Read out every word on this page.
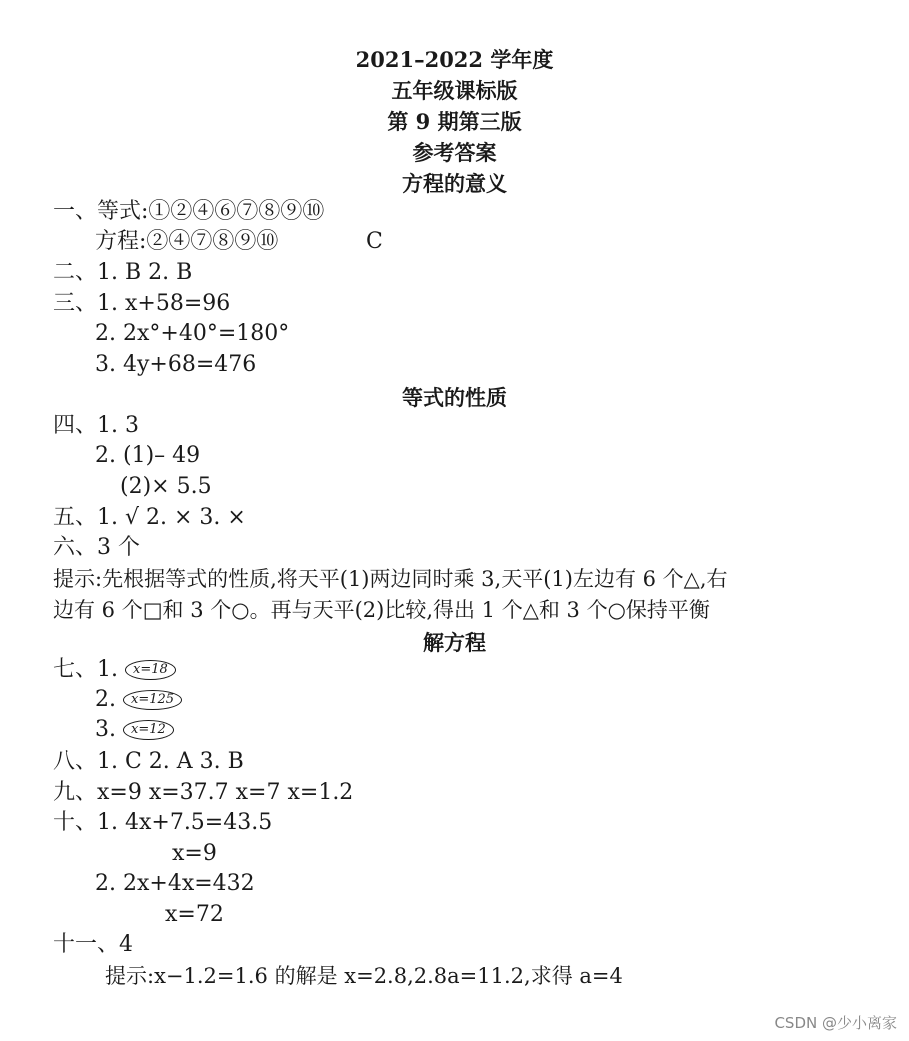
2021–2022 学年度
五年级课标版
第 9 期第三版
参考答案
方程的意义
一、等式:①②④⑥⑦⑧⑨⑩
方程:②④⑦⑧⑨⑩	C
二、1. B 2. B
三、1. x+58=96
2. 2x°+40°=180°
3. 4y+68=476
等式的性质
四、1. 3
2. (1)– 49
(2)× 5.5
五、1. √ 2. × 3. ×
六、3 个
提示:先根据等式的性质,将天平(1)两边同时乘 3,天平(1)左边有 6 个△,右
边有 6 个□和 3 个○。再与天平(2)比较,得出 1 个△和 3 个○保持平衡
解方程
七、1. x=18
2. x=125
3. x=12
八、1. C 2. A 3. B
九、x=9 x=37.7 x=7 x=1.2
十、1. 4x+7.5=43.5
x=9
2. 2x+4x=432
x=72
十一、4
提示:x−1.2=1.6 的解是 x=2.8,2.8a=11.2,求得 a=4
CSDN @少小离家
